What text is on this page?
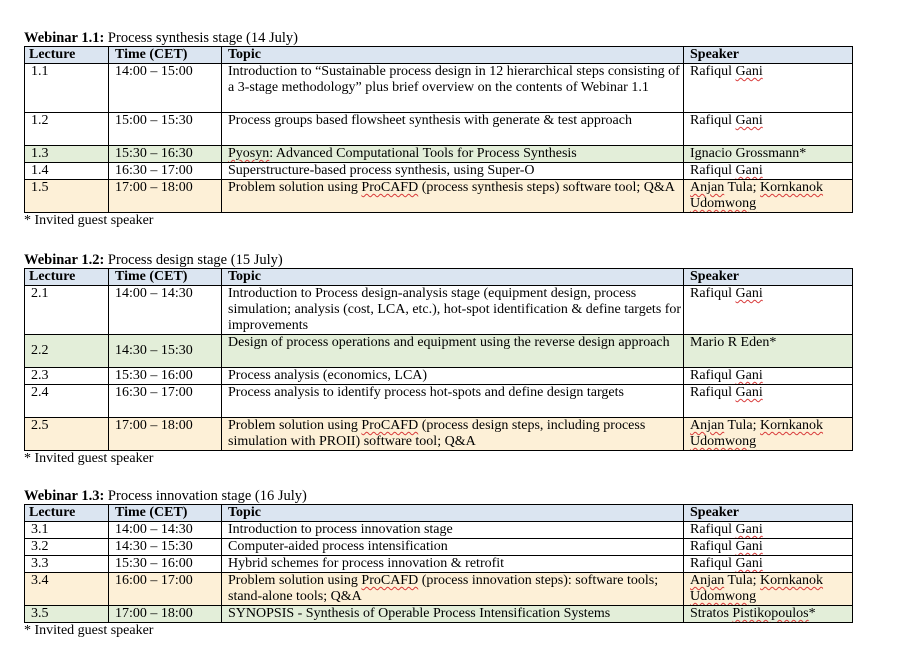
Webinar 1.1: Process synthesis stage (14 July)
Lecture	Time (CET)	Topic	Speaker
1.1	14:00 – 15:00	Introduction to “Sustainable process design in 12 hierarchical steps consisting of a 3-stage methodology” plus brief overview on the contents of Webinar 1.1	Rafiqul Gani
1.2	15:00 – 15:30	Process groups based flowsheet synthesis with generate & test approach	Rafiqul Gani
1.3	15:30 – 16:30	Pyosyn: Advanced Computational Tools for Process Synthesis	Ignacio Grossmann*
1.4	16:30 – 17:00	Superstructure-based process synthesis, using Super-O	Rafiqul Gani
1.5	17:00 – 18:00	Problem solution using ProCAFD (process synthesis steps) software tool; Q&A	Anjan Tula; Kornkanok Udomwong
* Invited guest speaker
Webinar 1.2: Process design stage (15 July)
Lecture	Time (CET)	Topic	Speaker
2.1	14:00 – 14:30	Introduction to Process design-analysis stage (equipment design, process simulation; analysis (cost, LCA, etc.), hot-spot identification & define targets for improvements	Rafiqul Gani
2.2	14:30 – 15:30	Design of process operations and equipment using the reverse design approach	Mario R Eden*
2.3	15:30 – 16:00	Process analysis (economics, LCA)	Rafiqul Gani
2.4	16:30 – 17:00	Process analysis to identify process hot-spots and define design targets	Rafiqul Gani
2.5	17:00 – 18:00	Problem solution using ProCAFD (process design steps, including process simulation with PROII) software tool; Q&A	Anjan Tula; Kornkanok Udomwong
* Invited guest speaker
Webinar 1.3: Process innovation stage (16 July)
Lecture	Time (CET)	Topic	Speaker
3.1	14:00 – 14:30	Introduction to process innovation stage	Rafiqul Gani
3.2	14:30 – 15:30	Computer-aided process intensification	Rafiqul Gani
3.3	15:30 – 16:00	Hybrid schemes for process innovation & retrofit	Rafiqul Gani
3.4	16:00 – 17:00	Problem solution using ProCAFD (process innovation steps): software tools; stand-alone tools; Q&A	Anjan Tula; Kornkanok Udomwong
3.5	17:00 – 18:00	SYNOPSIS - Synthesis of Operable Process Intensification Systems	Stratos Pistikopoulos*
* Invited guest speaker
